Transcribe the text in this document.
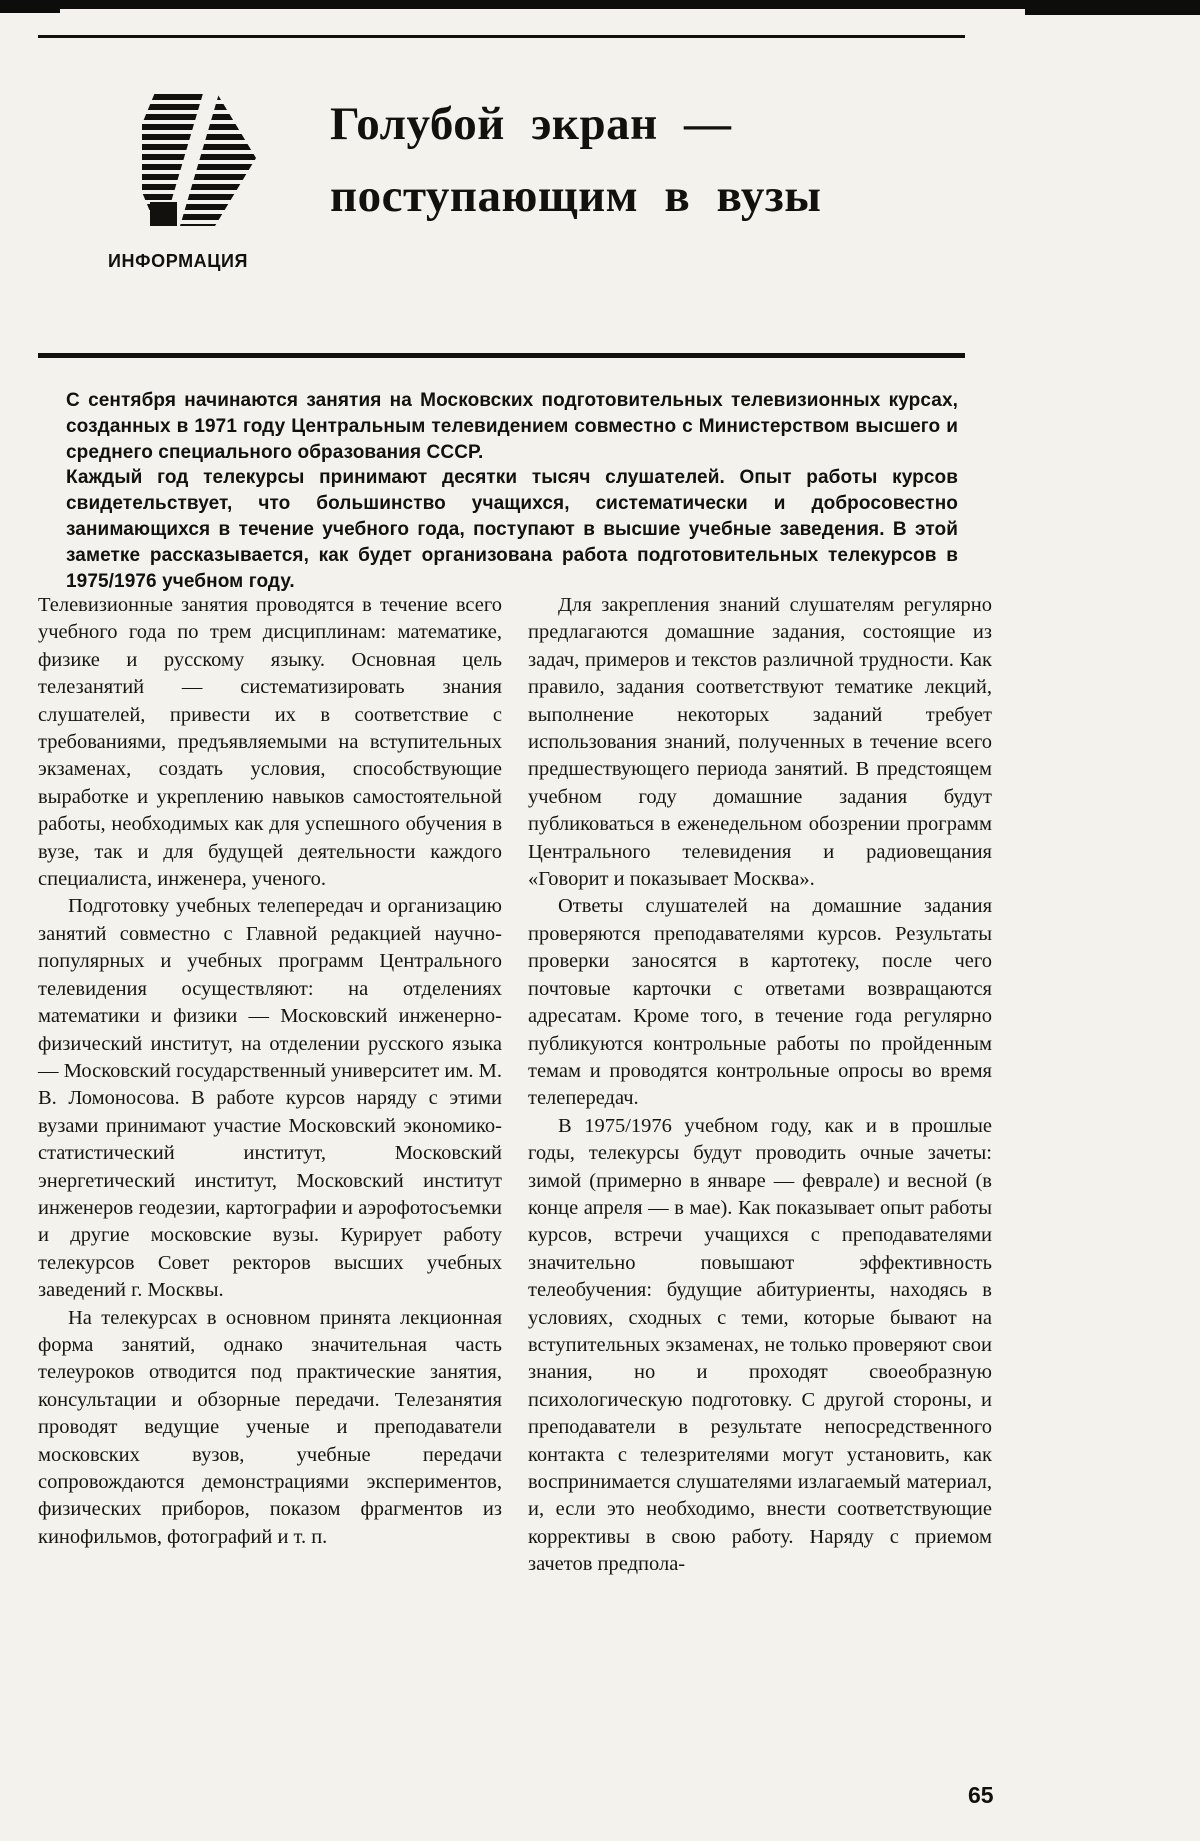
ИНФОРМАЦИЯ
Голубой экран —
поступающим в вузы

С сентября начинаются занятия на Московских подготовительных телевизионных курсах, созданных в 1971 году Центральным телевидением совместно с Министерством высшего и среднего специального образования СССР.

Каждый год телекурсы принимают десятки тысяч слушателей. Опыт работы курсов свидетельствует, что большинство учащихся, систематически и добросовестно занимающихся в течение учебного года, поступают в высшие учебные заведения. В этой заметке рассказывается, как будет организована работа подготовительных телекурсов в 1975/1976 учебном году.

Телевизионные занятия проводятся в течение всего учебного года по трем дисциплинам: математике, физике и русскому языку. Основная цель телезанятий — систематизировать знания слушателей, привести их в соответствие с требованиями, предъявляемыми на вступительных экзаменах, создать условия, способствующие выработке и укреплению навыков самостоятельной работы, необходимых как для успешного обучения в вузе, так и для будущей деятельности каждого специалиста, инженера, ученого.

Подготовку учебных телепередач и организацию занятий совместно с Главной редакцией научно-популярных и учебных программ Центрального телевидения осуществляют: на отделениях математики и физики — Московский инженерно-физический институт, на отделении русского языка — Московский государственный университет им. М. В. Ломоносова. В работе курсов наряду с этими вузами принимают участие Московский экономико-статистический институт, Московский энергетический институт, Московский институт инженеров геодезии, картографии и аэрофотосъемки и другие московские вузы. Курирует работу телекурсов Совет ректоров высших учебных заведений г. Москвы.

На телекурсах в основном принята лекционная форма занятий, однако значительная часть телеуроков отводится под практические занятия, консультации и обзорные передачи. Телезанятия проводят ведущие ученые и преподаватели московских вузов, учебные передачи сопровождаются демонстрациями экспериментов, физических приборов, показом фрагментов из кинофильмов, фотографий и т. п.

Для закрепления знаний слушателям регулярно предлагаются домашние задания, состоящие из задач, примеров и текстов различной трудности. Как правило, задания соответствуют тематике лекций, выполнение некоторых заданий требует использования знаний, полученных в течение всего предшествующего периода занятий. В предстоящем учебном году домашние задания будут публиковаться в еженедельном обозрении программ Центрального телевидения и радиовещания «Говорит и показывает Москва».

Ответы слушателей на домашние задания проверяются преподавателями курсов. Результаты проверки заносятся в картотеку, после чего почтовые карточки с ответами возвращаются адресатам. Кроме того, в течение года регулярно публикуются контрольные работы по пройденным темам и проводятся контрольные опросы во время телепередач.

В 1975/1976 учебном году, как и в прошлые годы, телекурсы будут проводить очные зачеты: зимой (примерно в январе — феврале) и весной (в конце апреля — в мае). Как показывает опыт работы курсов, встречи учащихся с преподавателями значительно повышают эффективность телеобучения: будущие абитуриенты, находясь в условиях, сходных с теми, которые бывают на вступительных экзаменах, не только проверяют свои знания, но и проходят своеобразную психологическую подготовку. С другой стороны, и преподаватели в результате непосредственного контакта с телезрителями могут установить, как воспринимается слушателями излагаемый материал, и, если это необходимо, внести соответствующие коррективы в свою работу. Наряду с приемом зачетов предпола-

65
